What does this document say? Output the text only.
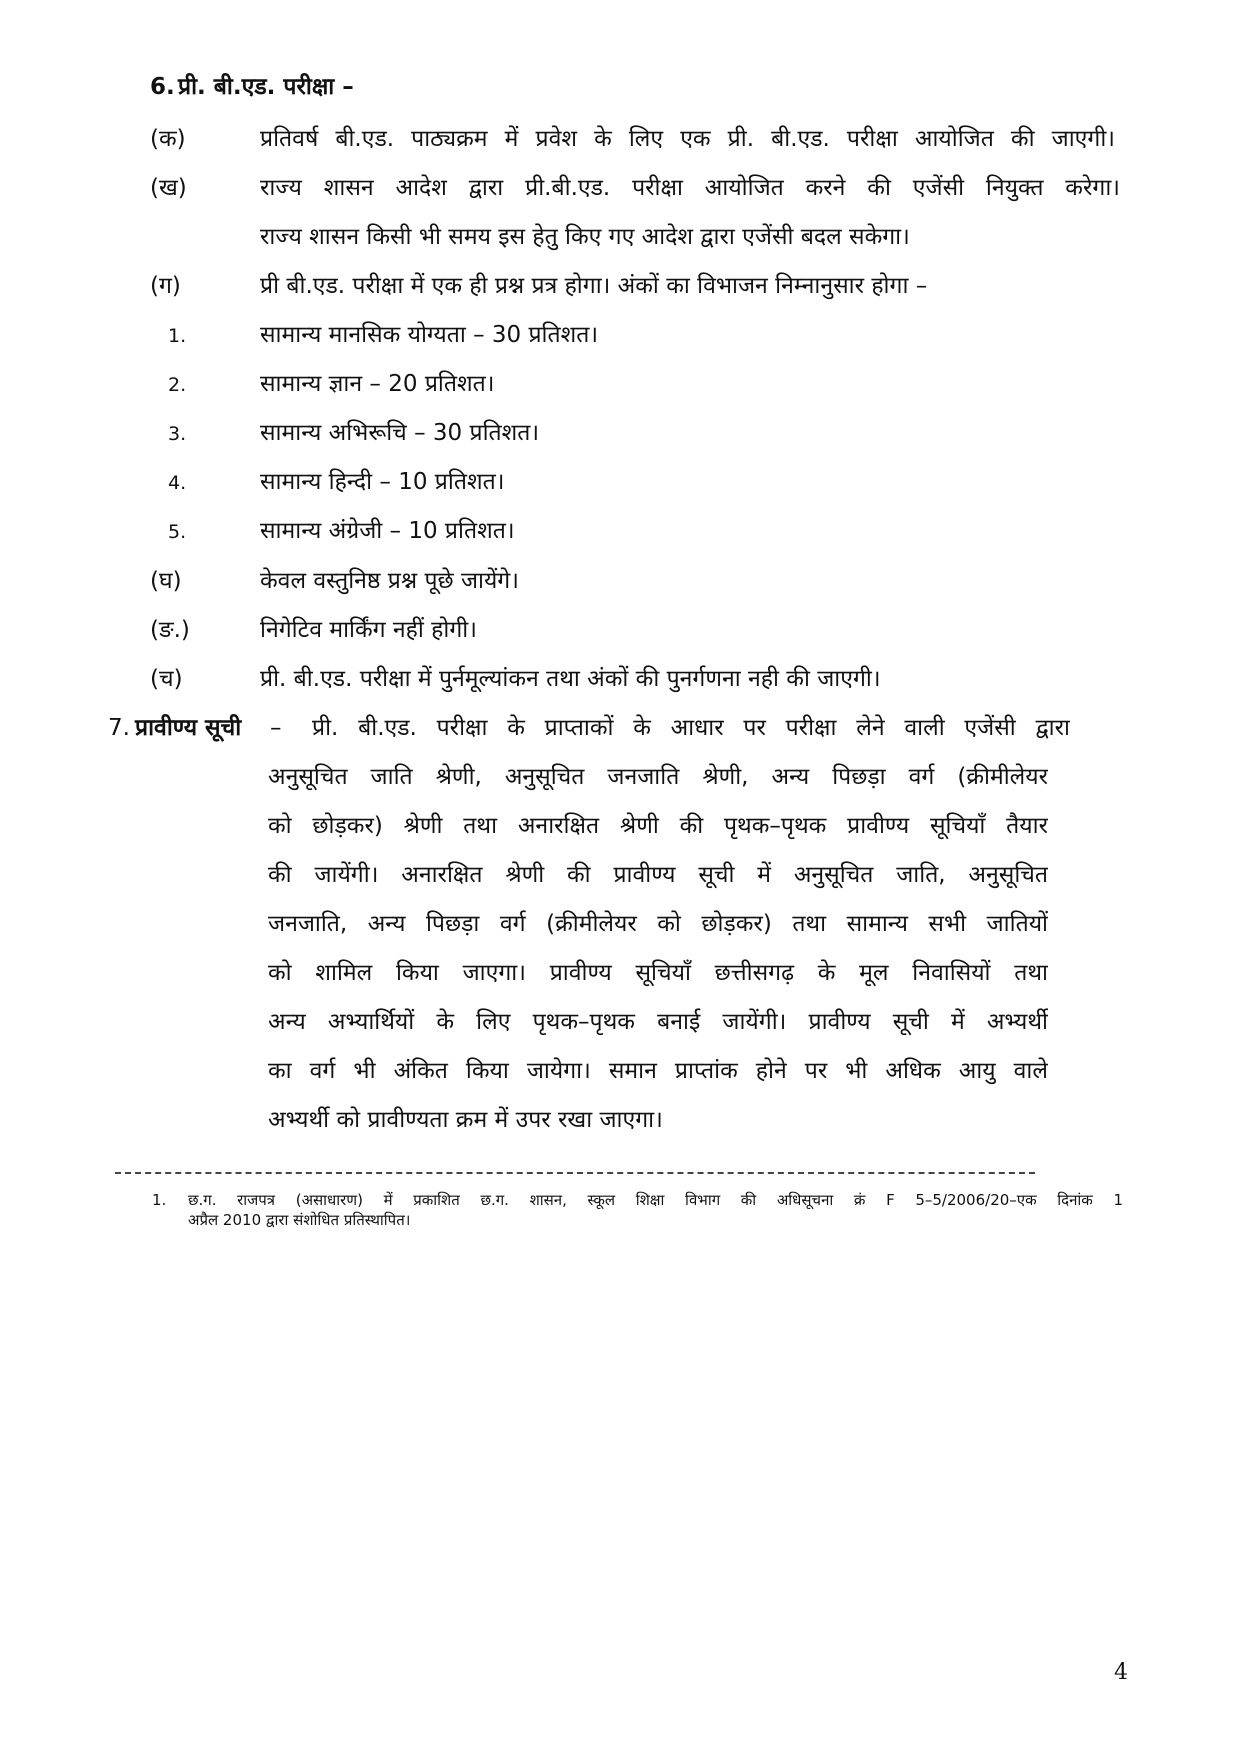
6. प्री. बी.एड. परीक्षा –
(क)	प्रतिवर्ष बी.एड. पाठ्यक्रम में प्रवेश के लिए एक प्री. बी.एड. परीक्षा आयोजित की जाएगी।
(ख)	राज्य शासन आदेश द्वारा प्री.बी.एड. परीक्षा आयोजित करने की एजेंसी नियुक्त करेगा।
राज्य शासन किसी भी समय इस हेतु किए गए आदेश द्वारा एजेंसी बदल सकेगा।
(ग)	प्री बी.एड. परीक्षा में एक ही प्रश्न प्रत्र होगा। अंकों का विभाजन निम्नानुसार होगा –
1.	सामान्य मानसिक योग्यता – 30 प्रतिशत।
2.	सामान्य ज्ञान – 20 प्रतिशत।
3.	सामान्य अभिरूचि – 30 प्रतिशत।
4.	सामान्य हिन्दी – 10 प्रतिशत।
5.	सामान्य अंग्रेजी – 10 प्रतिशत।
(घ)	केवल वस्तुनिष्ठ प्रश्न पूछे जायेंगे।
(ङ.)	निगेटिव मार्किंग नहीं होगी।
(च)	प्री. बी.एड. परीक्षा में पुर्नमूल्यांकन तथा अंकों की पुनर्गणना नही की जाएगी।
7. प्रावीण्य सूची – प्री. बी.एड. परीक्षा के प्राप्ताकों के आधार पर परीक्षा लेने वाली एजेंसी द्वारा
अनुसूचित जाति श्रेणी, अनुसूचित जनजाति श्रेणी, अन्य पिछड़ा वर्ग (क्रीमीलेयर
को छोड़कर) श्रेणी तथा अनारक्षित श्रेणी की पृथक–पृथक प्रावीण्य सूचियाँ तैयार
की जायेंगी। अनारक्षित श्रेणी की प्रावीण्य सूची में अनुसूचित जाति, अनुसूचित
जनजाति, अन्य पिछड़ा वर्ग (क्रीमीलेयर को छोड़कर) तथा सामान्य सभी जातियों
को शामिल किया जाएगा। प्रावीण्य सूचियाँ छत्तीसगढ़ के मूल निवासियों तथा
अन्य अभ्यार्थियों के लिए पृथक–पृथक बनाई जायेंगी। प्रावीण्य सूची में अभ्यर्थी
का वर्ग भी अंकित किया जायेगा। समान प्राप्तांक होने पर भी अधिक आयु वाले
अभ्यर्थी को प्रावीण्यता क्रम में उपर रखा जाएगा।
1. छ.ग. राजपत्र (असाधारण) में प्रकाशित छ.ग. शासन, स्कूल शिक्षा विभाग की अधिसूचना क्रं F 5–5/2006/20–एक दिनांक 1
अप्रैल 2010 द्वारा संशोधित प्रतिस्थापित।
4
